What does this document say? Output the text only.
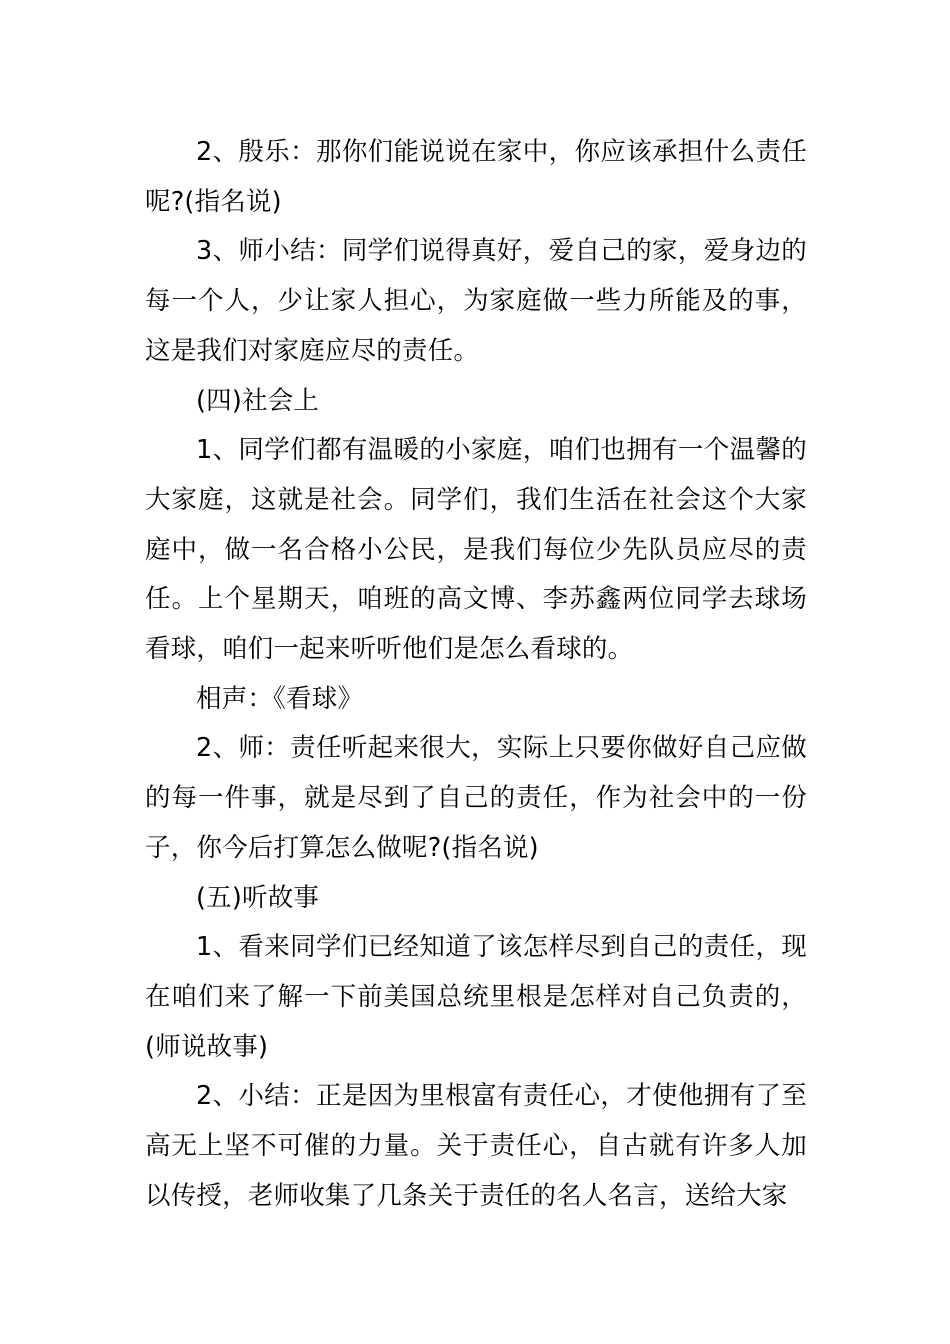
2、殷乐：那你们能说说在家中，你应该承担什么责任呢?(指名说)

3、师小结：同学们说得真好，爱自己的家，爱身边的每一个人，少让家人担心，为家庭做一些力所能及的事，这是我们对家庭应尽的责任。

(四)社会上

1、同学们都有温暖的小家庭，咱们也拥有一个温馨的大家庭，这就是社会。同学们，我们生活在社会这个大家庭中，做一名合格小公民，是我们每位少先队员应尽的责任。上个星期天，咱班的高文博、李苏鑫两位同学去球场看球，咱们一起来听听他们是怎么看球的。

相声：《看球》

2、师：责任听起来很大，实际上只要你做好自己应做的每一件事，就是尽到了自己的责任，作为社会中的一份子，你今后打算怎么做呢?(指名说)

(五)听故事

1、看来同学们已经知道了该怎样尽到自己的责任，现在咱们来了解一下前美国总统里根是怎样对自己负责的，(师说故事)

2、小结：正是因为里根富有责任心，才使他拥有了至高无上坚不可催的力量。关于责任心，自古就有许多人加以传授，老师收集了几条关于责任的名人名言，送给大家
